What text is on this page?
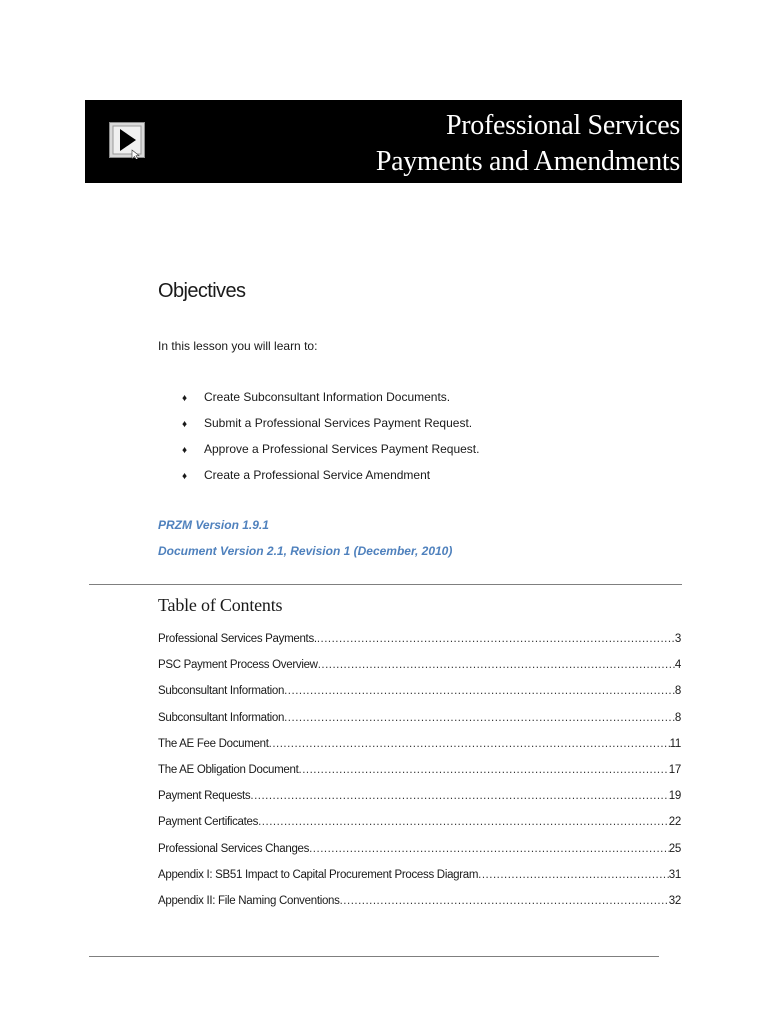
Professional Services
Payments and Amendments
Objectives
In this lesson you will learn to:
♦ Create Subconsultant Information Documents.
♦ Submit a Professional Services Payment Request.
♦ Approve a Professional Services Payment Request.
♦ Create a Professional Service Amendment
PRZM Version 1.9.1
Document Version 2.1, Revision 1 (December, 2010)
Table of Contents
Professional Services Payments. .....	3
PSC Payment Process Overview .....	4
Subconsultant Information .....	8
Subconsultant Information .....	8
The AE Fee Document .....	11
The AE Obligation Document .....	17
Payment Requests .....	19
Payment Certificates .....	22
Professional Services Changes .....	25
Appendix I: SB51 Impact to Capital Procurement Process Diagram .....	31
Appendix II: File Naming Conventions .....	32
